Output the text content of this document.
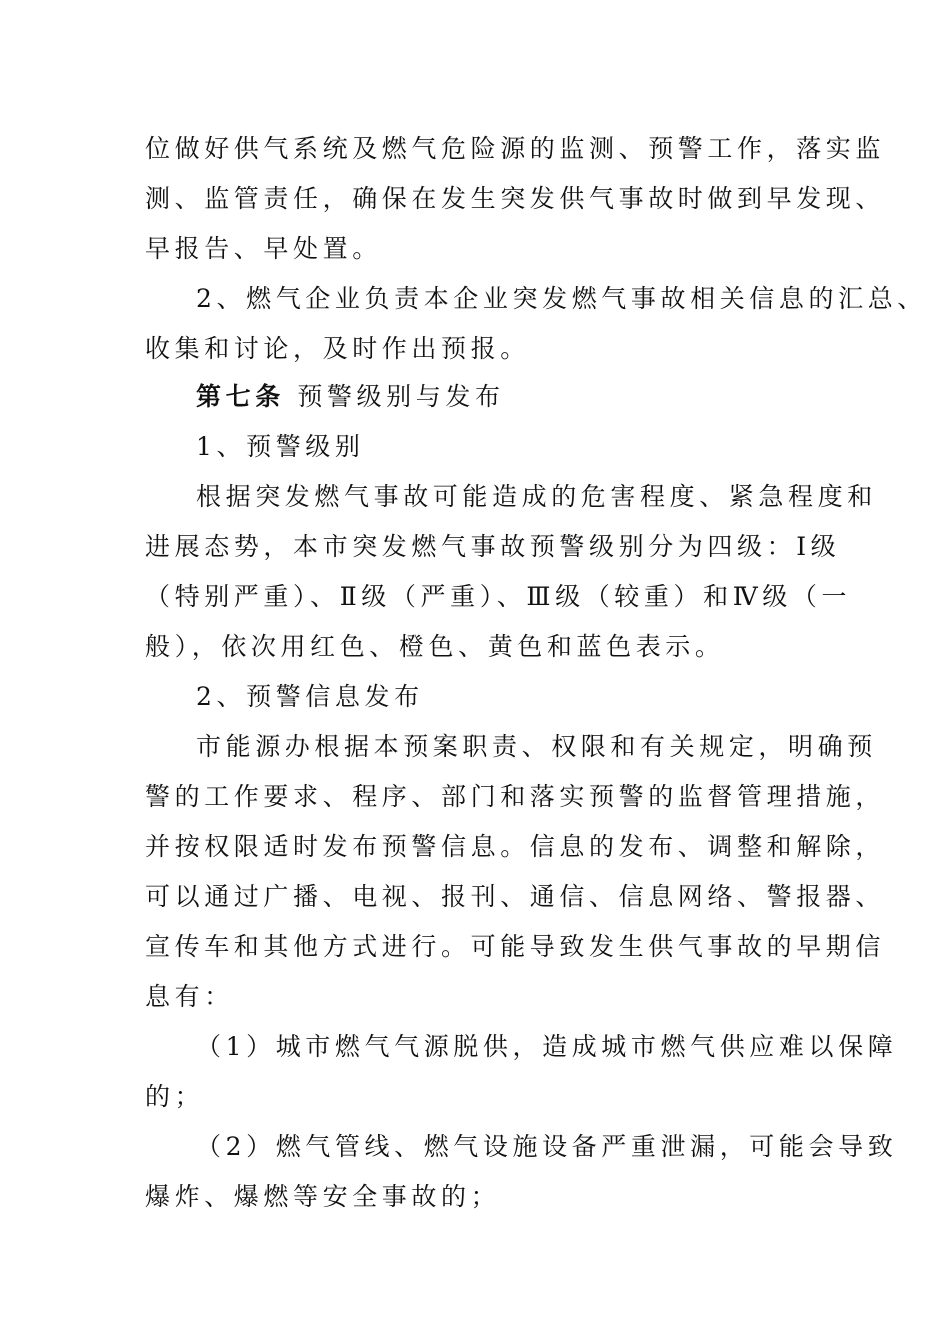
位做好供气系统及燃气危险源的监测、预警工作，落实监
测、监管责任，确保在发生突发供气事故时做到早发现、
早报告、早处置。
2、燃气企业负责本企业突发燃气事故相关信息的汇总、
收集和讨论，及时作出预报。
第七条 预警级别与发布
1、预警级别
根据突发燃气事故可能造成的危害程度、紧急程度和
进展态势，本市突发燃气事故预警级别分为四级：Ⅰ级
（特别严重）、Ⅱ级（严重）、Ⅲ级（较重）和Ⅳ级（一
般），依次用红色、橙色、黄色和蓝色表示。
2、预警信息发布
市能源办根据本预案职责、权限和有关规定，明确预
警的工作要求、程序、部门和落实预警的监督管理措施，
并按权限适时发布预警信息。信息的发布、调整和解除，
可以通过广播、电视、报刊、通信、信息网络、警报器、
宣传车和其他方式进行。可能导致发生供气事故的早期信
息有：
（1）城市燃气气源脱供，造成城市燃气供应难以保障
的；
（2）燃气管线、燃气设施设备严重泄漏，可能会导致
爆炸、爆燃等安全事故的；
